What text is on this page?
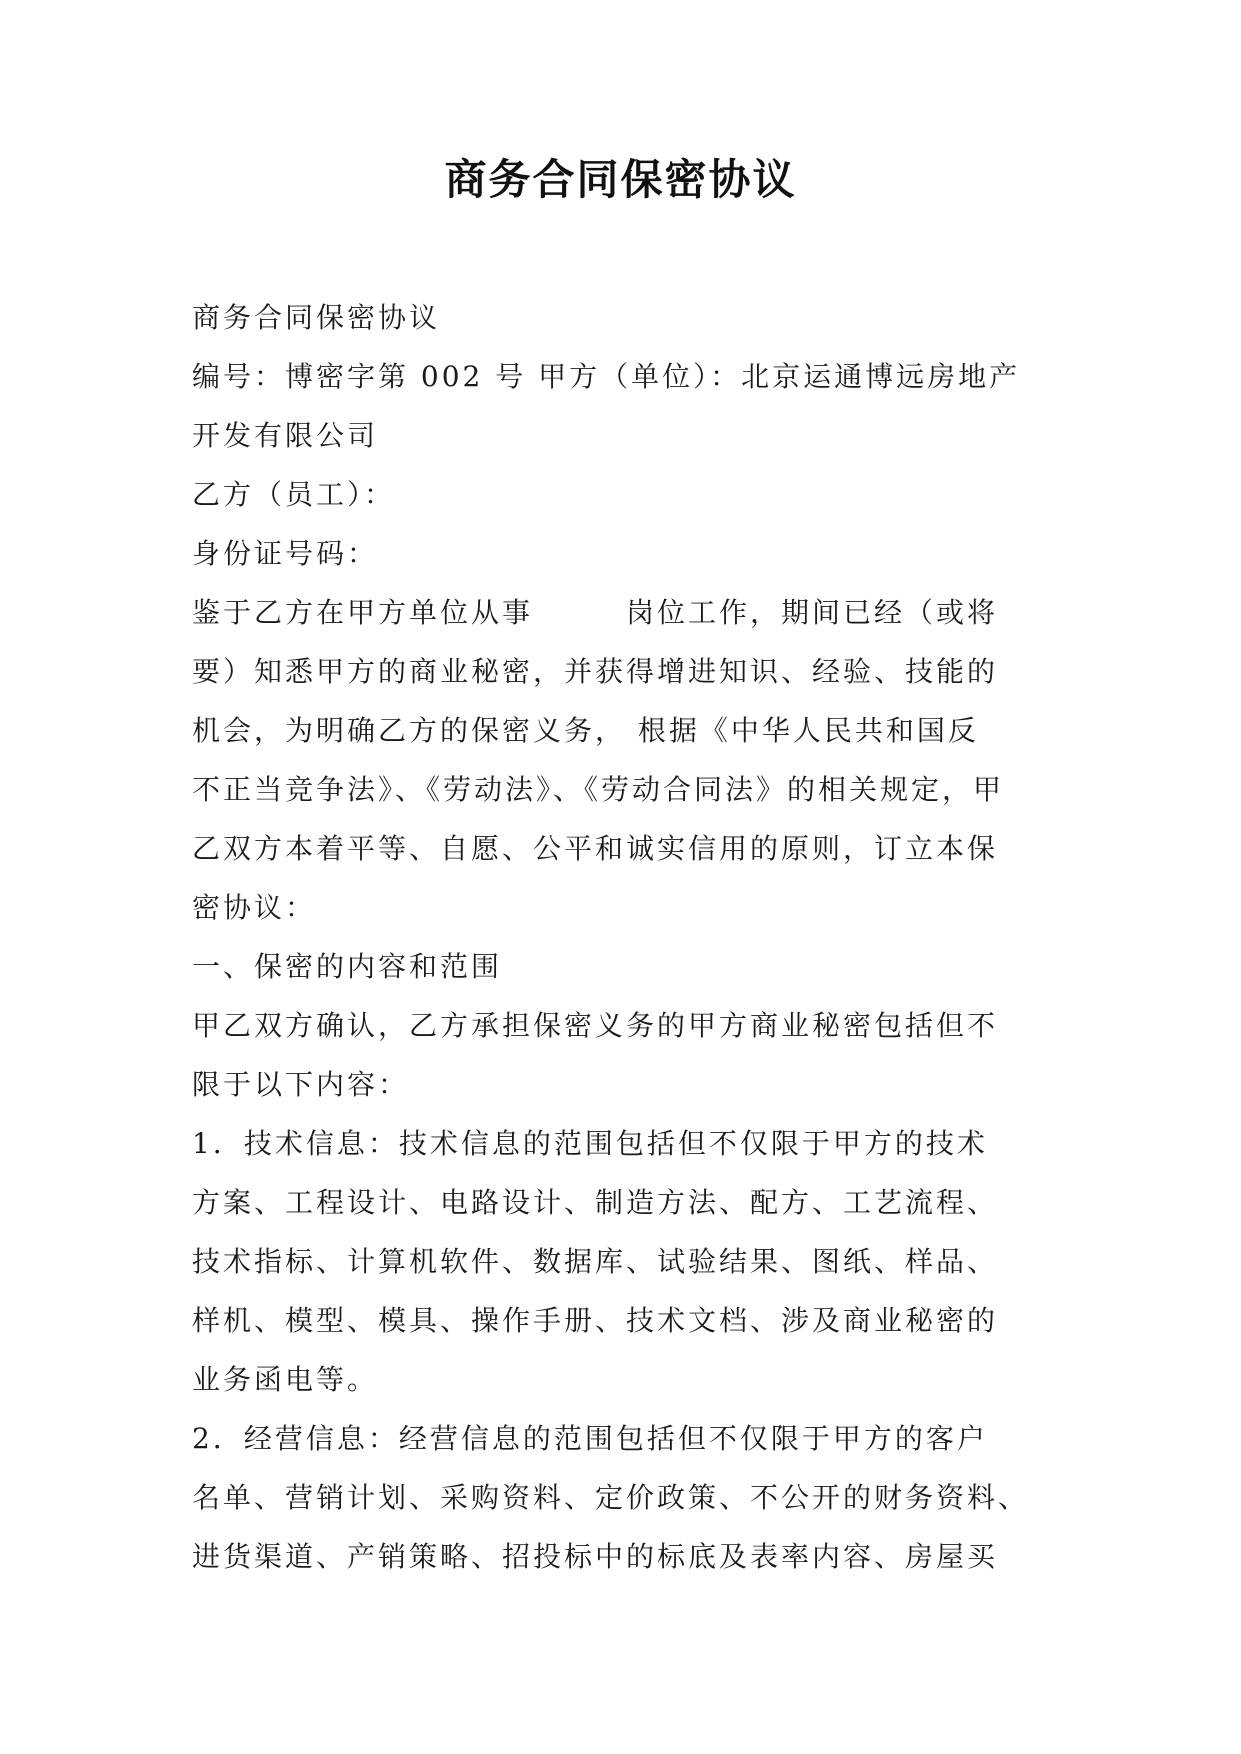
商务合同保密协议
商务合同保密协议
编号：博密字第 002 号 甲方（单位）：北京运通博远房地产
开发有限公司
乙方（员工）：
身份证号码：
鉴于乙方在甲方单位从事　　　岗位工作，期间已经（或将
要）知悉甲方的商业秘密，并获得增进知识、经验、技能的
机会，为明确乙方的保密义务， 根据《中华人民共和国反
不正当竞争法》、《劳动法》、《劳动合同法》的相关规定，甲
乙双方本着平等、自愿、公平和诚实信用的原则，订立本保
密协议：
一、保密的内容和范围
甲乙双方确认，乙方承担保密义务的甲方商业秘密包括但不
限于以下内容：
1．技术信息：技术信息的范围包括但不仅限于甲方的技术
方案、工程设计、电路设计、制造方法、配方、工艺流程、
技术指标、计算机软件、数据库、试验结果、图纸、样品、
样机、模型、模具、操作手册、技术文档、涉及商业秘密的
业务函电等。
2．经营信息：经营信息的范围包括但不仅限于甲方的客户
名单、营销计划、采购资料、定价政策、不公开的财务资料、
进货渠道、产销策略、招投标中的标底及表率内容、房屋买
